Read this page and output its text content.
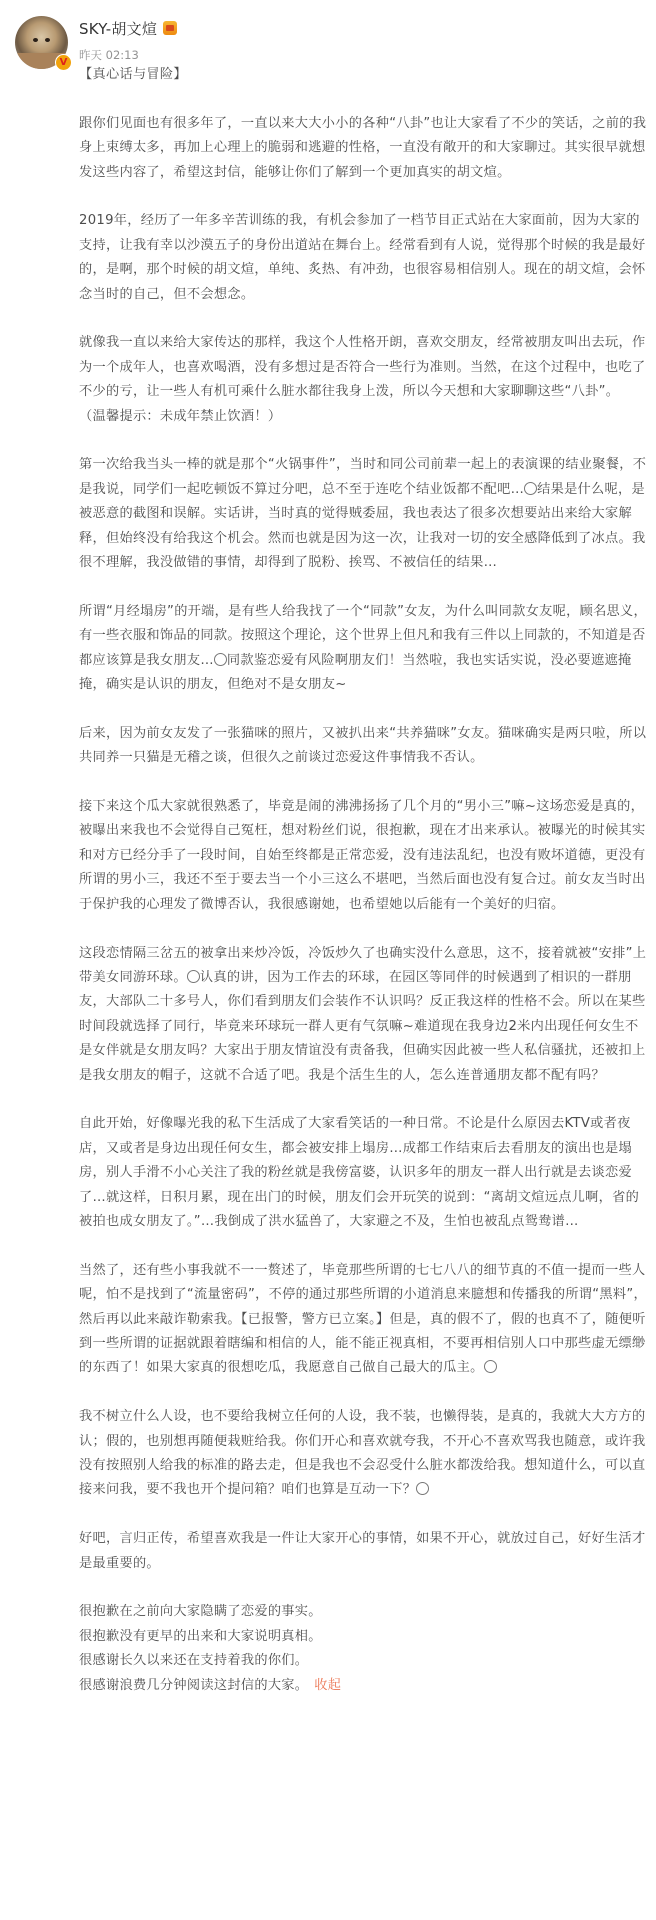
V
SKY-胡文煊
昨天 02:13

【真心话与冒险】

跟你们见面也有很多年了，一直以来大大小小的各种“八卦”也让大家看了不少的笑话，之前的我身上束缚太多，再加上心理上的脆弱和逃避的性格，一直没有敞开的和大家聊过。其实很早就想发这些内容了，希望这封信，能够让你们了解到一个更加真实的胡文煊。

2019年，经历了一年多辛苦训练的我，有机会参加了一档节目正式站在大家面前，因为大家的支持，让我有幸以沙漠五子的身份出道站在舞台上。经常看到有人说，觉得那个时候的我是最好的，是啊，那个时候的胡文煊，单纯、炙热、有冲劲，也很容易相信别人。现在的胡文煊，会怀念当时的自己，但不会想念。

就像我一直以来给大家传达的那样，我这个人性格开朗，喜欢交朋友，经常被朋友叫出去玩，作为一个成年人，也喜欢喝酒，没有多想过是否符合一些行为准则。当然，在这个过程中，也吃了不少的亏，让一些人有机可乘什么脏水都往我身上泼，所以今天想和大家聊聊这些“八卦”。

（温馨提示：未成年禁止饮酒！）

第一次给我当头一棒的就是那个“火锅事件”，当时和同公司前辈一起上的表演课的结业聚餐，不是我说，同学们一起吃顿饭不算过分吧，总不至于连吃个结业饭都不配吧… 结果是什么呢，是被恶意的截图和误解。实话讲，当时真的觉得贼委屈，我也表达了很多次想要站出来给大家解释，但始终没有给我这个机会。然而也就是因为这一次，让我对一切的安全感降低到了冰点。我很不理解，我没做错的事情，却得到了脱粉、挨骂、不被信任的结果…

所谓“月经塌房”的开端，是有些人给我找了一个“同款”女友，为什么叫同款女友呢，顾名思义，有一些衣服和饰品的同款。按照这个理论，这个世界上但凡和我有三件以上同款的，不知道是否都应该算是我女朋友… 同款鉴恋爱有风险啊朋友们！当然啦，我也实话实说，没必要遮遮掩掩，确实是认识的朋友，但绝对不是女朋友~

后来，因为前女友发了一张猫咪的照片，又被扒出来“共养猫咪”女友。猫咪确实是两只啦，所以共同养一只猫是无稽之谈，但很久之前谈过恋爱这件事情我不否认。

接下来这个瓜大家就很熟悉了，毕竟是闹的沸沸扬扬了几个月的“男小三”嘛~这场恋爱是真的，被曝出来我也不会觉得自己冤枉，想对粉丝们说，很抱歉，现在才出来承认。被曝光的时候其实和对方已经分手了一段时间，自始至终都是正常恋爱，没有违法乱纪，也没有败坏道德，更没有所谓的男小三，我还不至于要去当一个小三这么不堪吧，当然后面也没有复合过。前女友当时出于保护我的心理发了微博否认，我很感谢她，也希望她以后能有一个美好的归宿。

这段恋情隔三岔五的被拿出来炒冷饭，冷饭炒久了也确实没什么意思，这不，接着就被“安排”上带美女同游环球。 认真的讲，因为工作去的环球，在园区等同伴的时候遇到了相识的一群朋友，大部队二十多号人，你们看到朋友们会装作不认识吗？反正我这样的性格不会。所以在某些时间段就选择了同行，毕竟来环球玩一群人更有气氛嘛~难道现在我身边2米内出现任何女生不是女伴就是女朋友吗？大家出于朋友情谊没有责备我，但确实因此被一些人私信骚扰，还被扣上是我女朋友的帽子，这就不合适了吧。我是个活生生的人，怎么连普通朋友都不配有吗？

自此开始，好像曝光我的私下生活成了大家看笑话的一种日常。不论是什么原因去KTV或者夜店，又或者是身边出现任何女生，都会被安排上塌房…成都工作结束后去看朋友的演出也是塌房，别人手滑不小心关注了我的粉丝就是我傍富婆，认识多年的朋友一群人出行就是去谈恋爱了…就这样，日积月累，现在出门的时候，朋友们会开玩笑的说到：“离胡文煊远点儿啊，省的被拍也成女朋友了。”…我倒成了洪水猛兽了，大家避之不及，生怕也被乱点鸳鸯谱…

当然了，还有些小事我就不一一赘述了，毕竟那些所谓的七七八八的细节真的不值一提而一些人呢，怕不是找到了“流量密码”，不停的通过那些所谓的小道消息来臆想和传播我的所谓“黑料”，然后再以此来敲诈勒索我。【已报警，警方已立案。】但是，真的假不了，假的也真不了，随便听到一些所谓的证据就跟着瞎编和相信的人，能不能正视真相，不要再相信别人口中那些虚无缥缈的东西了！如果大家真的很想吃瓜，我愿意自己做自己最大的瓜主。

我不树立什么人设，也不要给我树立任何的人设，我不装，也懒得装，是真的，我就大大方方的认；假的，也别想再随便栽赃给我。你们开心和喜欢就夸我，不开心不喜欢骂我也随意，或许我没有按照别人给我的标准的路去走，但是我也不会忍受什么脏水都泼给我。想知道什么，可以直接来问我，要不我也开个提问箱？咱们也算是互动一下？

好吧，言归正传，希望喜欢我是一件让大家开心的事情，如果不开心，就放过自己，好好生活才是最重要的。

很抱歉在之前向大家隐瞒了恋爱的事实。

很抱歉没有更早的出来和大家说明真相。

很感谢长久以来还在支持着我的你们。

很感谢浪费几分钟阅读这封信的大家。 收起
